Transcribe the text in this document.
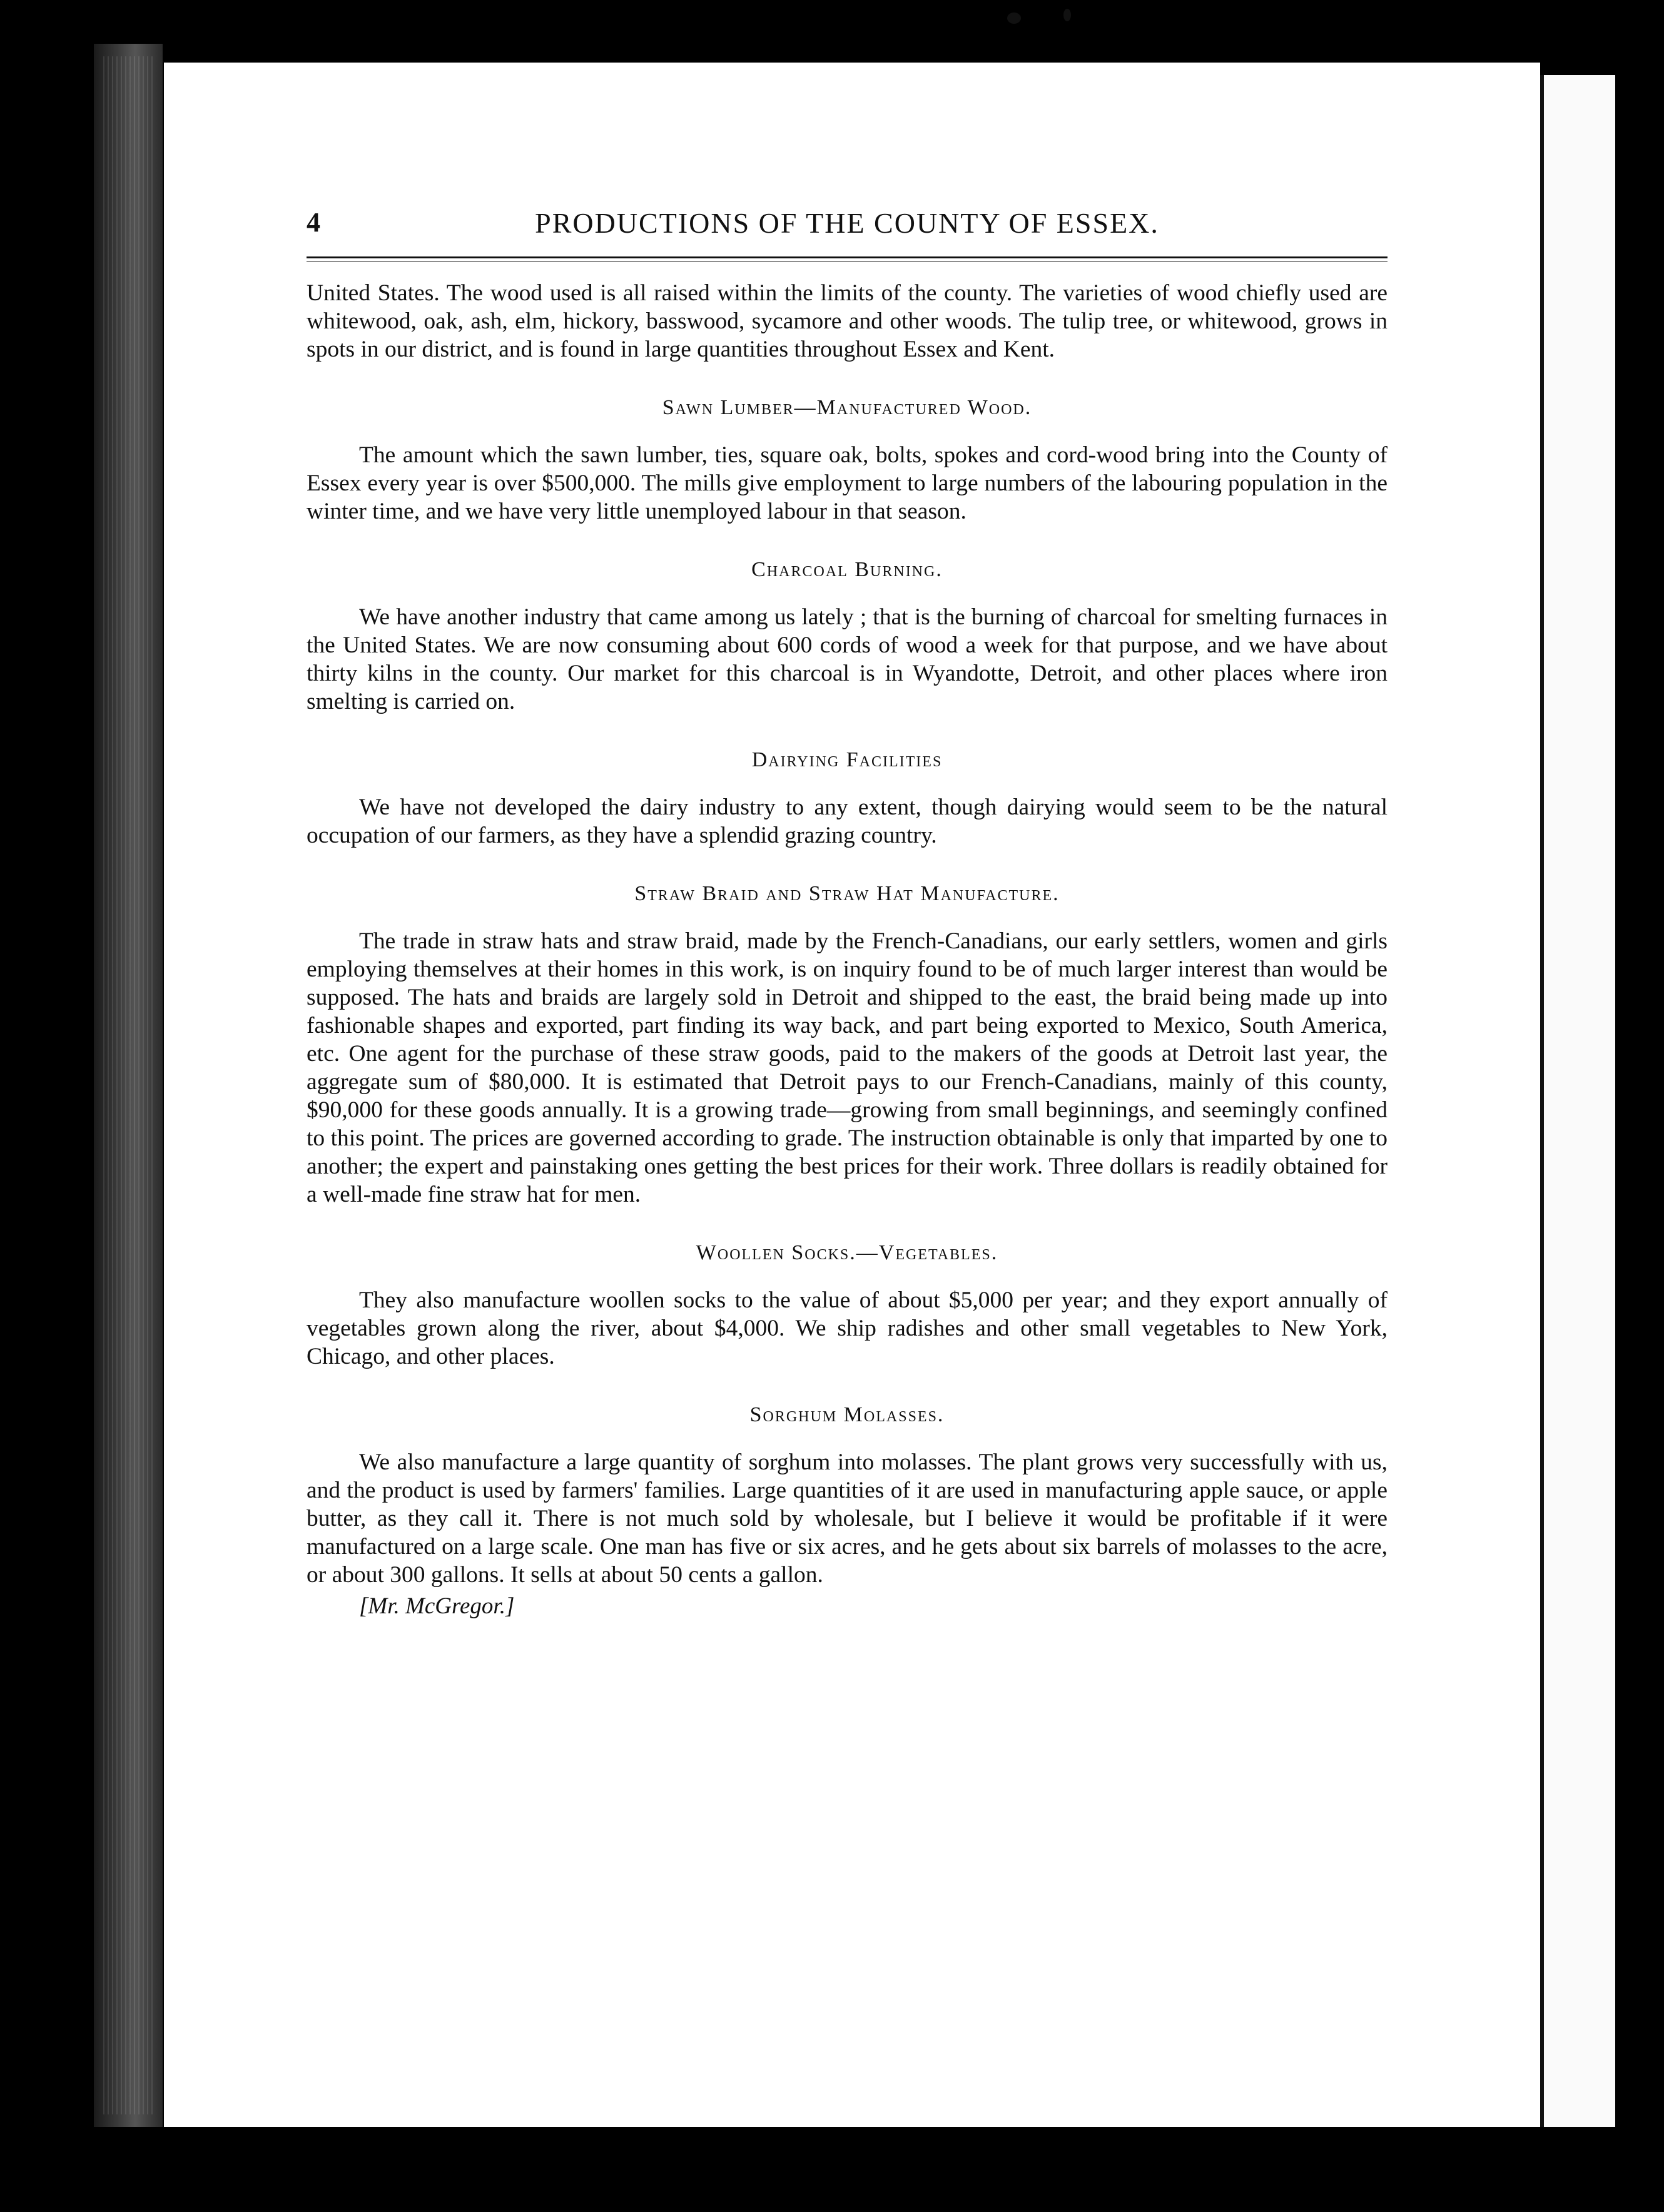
4	PRODUCTIONS OF THE COUNTY OF ESSEX.

United States. The wood used is all raised within the limits of the county. The varieties of wood chiefly used are whitewood, oak, ash, elm, hickory, basswood, sycamore and other woods. The tulip tree, or whitewood, grows in spots in our district, and is found in large quantities throughout Essex and Kent.

Sawn Lumber—Manufactured Wood.

The amount which the sawn lumber, ties, square oak, bolts, spokes and cord-wood bring into the County of Essex every year is over $500,000. The mills give employment to large numbers of the labouring population in the winter time, and we have very little unemployed labour in that season.

Charcoal Burning.

We have another industry that came among us lately ; that is the burning of charcoal for smelting furnaces in the United States. We are now consuming about 600 cords of wood a week for that purpose, and we have about thirty kilns in the county. Our market for this charcoal is in Wyandotte, Detroit, and other places where iron smelting is carried on.

Dairying Facilities

We have not developed the dairy industry to any extent, though dairying would seem to be the natural occupation of our farmers, as they have a splendid grazing country.

Straw Braid and Straw Hat Manufacture.

The trade in straw hats and straw braid, made by the French-Canadians, our early settlers, women and girls employing themselves at their homes in this work, is on inquiry found to be of much larger interest than would be supposed. The hats and braids are largely sold in Detroit and shipped to the east, the braid being made up into fashionable shapes and exported, part finding its way back, and part being exported to Mexico, South America, etc. One agent for the purchase of these straw goods, paid to the makers of the goods at Detroit last year, the aggregate sum of $80,000. It is estimated that Detroit pays to our French-Canadians, mainly of this county, $90,000 for these goods annually. It is a growing trade—growing from small beginnings, and seemingly confined to this point. The prices are governed according to grade. The instruction obtainable is only that imparted by one to another; the expert and painstaking ones getting the best prices for their work. Three dollars is readily obtained for a well-made fine straw hat for men.

Woollen Socks.—Vegetables.

They also manufacture woollen socks to the value of about $5,000 per year; and they export annually of vegetables grown along the river, about $4,000. We ship radishes and other small vegetables to New York, Chicago, and other places.

Sorghum Molasses.

We also manufacture a large quantity of sorghum into molasses. The plant grows very successfully with us, and the product is used by farmers' families. Large quantities of it are used in manufacturing apple sauce, or apple butter, as they call it. There is not much sold by wholesale, but I believe it would be profitable if it were manufactured on a large scale. One man has five or six acres, and he gets about six barrels of molasses to the acre, or about 300 gallons. It sells at about 50 cents a gallon.

[Mr. McGregor.]
